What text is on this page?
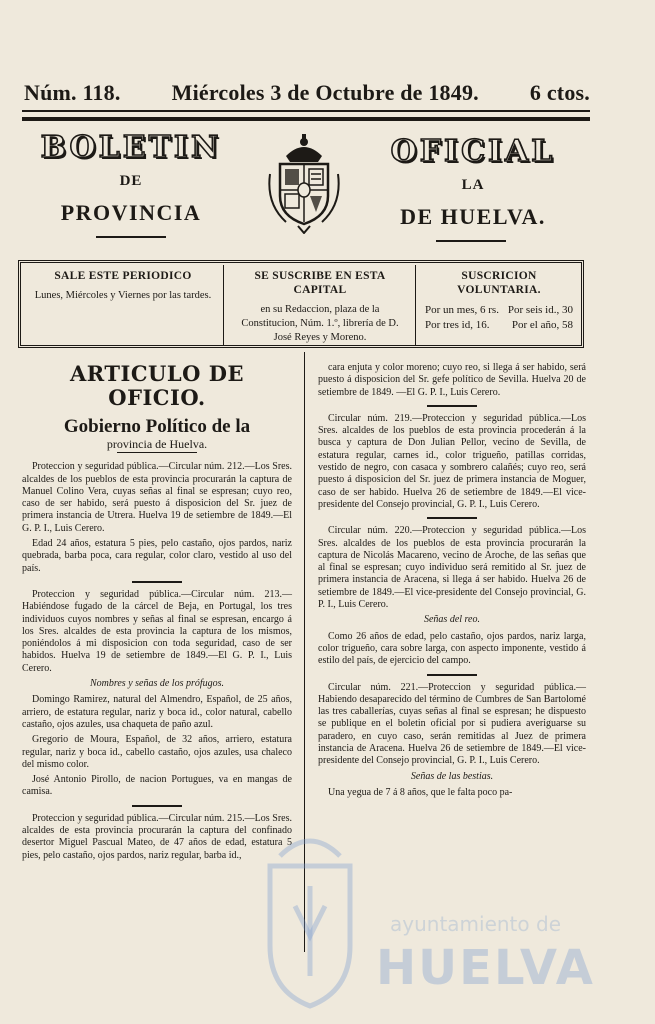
Núm. 118. Miércoles 3 de Octubre de 1849. 6 ctos.
BOLETIN
DE
PROVINCIA
OFICIAL
LA
DE HUELVA.
SALE ESTE PERIODICO
Lunes, Miércoles y Viernes por las tardes.
SE SUSCRIBE EN ESTA CAPITAL
en su Redaccion, plaza de la Constitucion, Núm. 1.º, librería de D. José Reyes y Moreno.
SUSCRICION VOLUNTARIA.
Por un mes, 6 rs. Por seis id., 30
Por tres id, 16. Por el año, 58
ARTICULO DE OFICIO.
Gobierno Político de la
provincia de Huelva.

Proteccion y seguridad pública.—Circular núm. 212.—Los Sres. alcaldes de los pueblos de esta provincia procurarán la captura de Manuel Colino Vera, cuyas señas al final se espresan; cuyo reo, caso de ser habido, será puesto á disposicion del Sr. juez de primera instancia de Utrera. Huelva 19 de setiembre de 1849.—El G. P. I., Luis Cerero.

Edad 24 años, estatura 5 pies, pelo castaño, ojos pardos, nariz quebrada, barba poca, cara regular, color claro, vestido al uso del país.

Proteccion y seguridad pública.—Circular núm. 213.—Habiéndose fugado de la cárcel de Beja, en Portugal, los tres individuos cuyos nombres y señas al final se espresan, encargo á los Sres. alcaldes de esta provincia la captura de los mismos, poniéndolos á mi disposicion con toda seguridad, caso de ser habidos. Huelva 19 de setiembre de 1849.—El G. P. I., Luis Cerero.

Nombres y señas de los prófugos.

Domingo Ramirez, natural del Almendro, Español, de 25 años, arriero, de estatura regular, nariz y boca id., color natural, cabello castaño, ojos azules, usa chaqueta de paño azul.

Gregorio de Moura, Español, de 32 años, arriero, estatura regular, nariz y boca id., cabello castaño, ojos azules, usa chaleco del mismo color.

José Antonio Pirollo, de nacion Portugues, va en mangas de camisa.

Proteccion y seguridad pública.—Circular núm. 215.—Los Sres. alcaldes de esta provincia procurarán la captura del confinado desertor Miguel Pascual Mateo, de 47 años de edad, estatura 5 pies, pelo castaño, ojos pardos, nariz regular, barba id.,

cara enjuta y color moreno; cuyo reo, si llega á ser habido, será puesto á disposicion del Sr. gefe político de Sevilla. Huelva 20 de setiembre de 1849. —El G. P. I., Luis Cerero.

Circular núm. 219.—Proteccion y seguridad pública.—Los Sres. alcaldes de los pueblos de esta provincia procederán á la busca y captura de Don Julian Pellor, vecino de Sevilla, de estatura regular, carnes id., color trigueño, patillas corridas, vestido de negro, con casaca y sombrero calañés; cuyo reo, será puesto á disposicion del Sr. juez de primera instancia de Moguer, caso de ser habido. Huelva 26 de setiembre de 1849.—El vice-presidente del Consejo provincial, G. P. I., Luis Cerero.

Circular núm. 220.—Proteccion y seguridad pública.—Los Sres. alcaldes de los pueblos de esta provincia procurarán la captura de Nicolás Macareno, vecino de Aroche, de las señas que al final se espresan; cuyo individuo será remitido al Sr. juez de primera instancia de Aracena, si llega á ser habido. Huelva 26 de setiembre de 1849.—El vice-presidente del Consejo provincial, G. P. I., Luis Cerero.

Señas del reo.

Como 26 años de edad, pelo castaño, ojos pardos, nariz larga, color trigueño, cara sobre larga, con aspecto imponente, vestido á estilo del país, de ejercicio del campo.

Circular núm. 221.—Proteccion y seguridad pública.—Habiendo desaparecido del término de Cumbres de San Bartolomé las tres caballerías, cuyas señas al final se espresan; he dispuesto se publique en el boletin oficial por si pudiera averiguarse su paradero, en cuyo caso, serán remitidas al Juez de primera instancia de Aracena. Huelva 26 de setiembre de 1849.—El vice-presidente del Consejo provincial, G. P. I., Luis Cerero.

Señas de las bestias.

Una yegua de 7 á 8 años, que le falta poco pa-

ayuntamiento de
HUELVA
